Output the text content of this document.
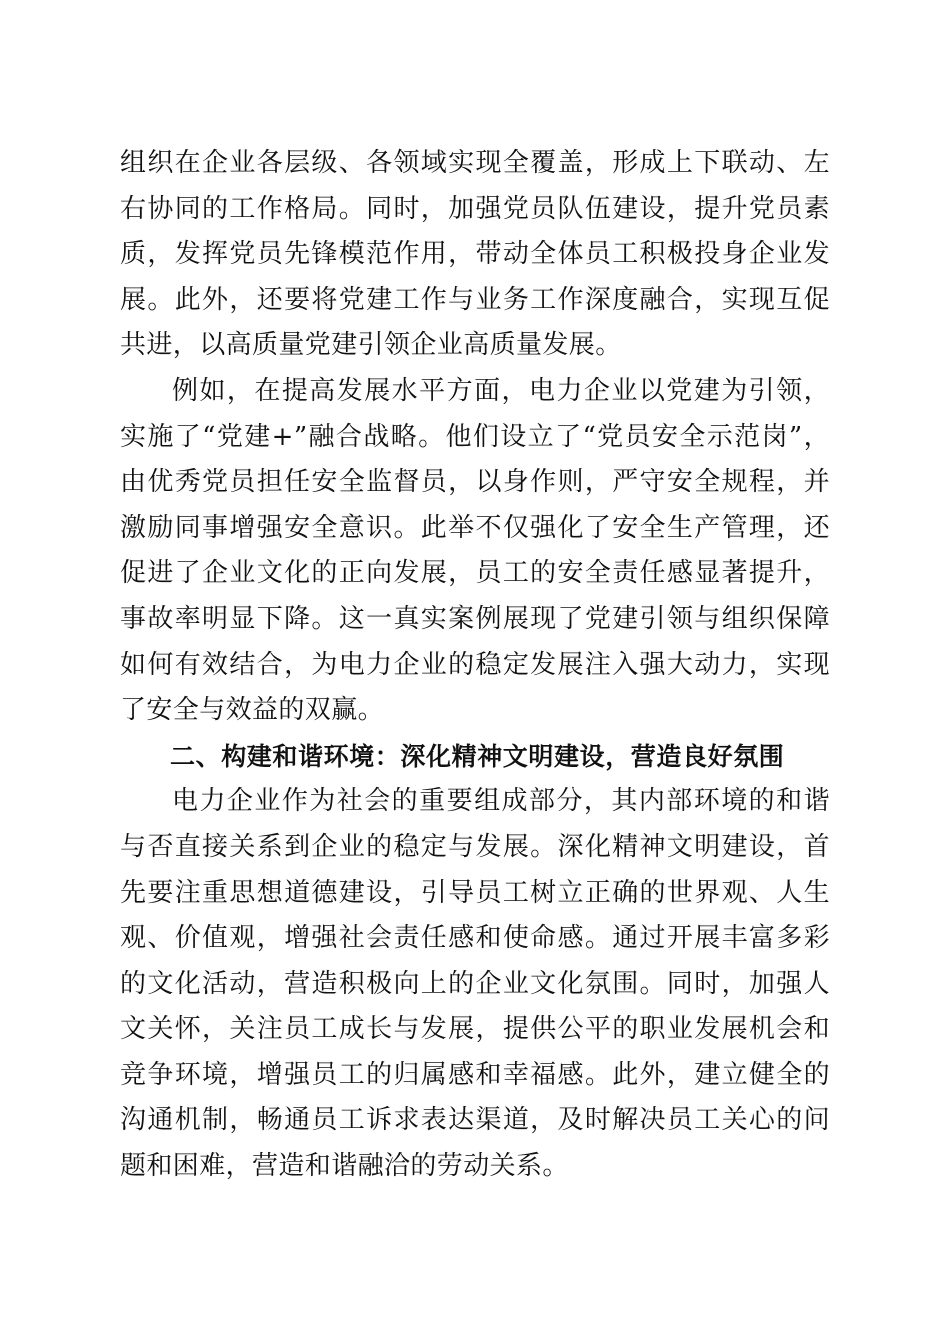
组织在企业各层级、各领域实现全覆盖，形成上下联动、左右协同的工作格局。同时，加强党员队伍建设，提升党员素质，发挥党员先锋模范作用，带动全体员工积极投身企业发展。此外，还要将党建工作与业务工作深度融合，实现互促共进，以高质量党建引领企业高质量发展。

例如，在提高发展水平方面，电力企业以党建为引领，实施了“党建+”融合战略。他们设立了“党员安全示范岗”，由优秀党员担任安全监督员，以身作则，严守安全规程，并激励同事增强安全意识。此举不仅强化了安全生产管理，还促进了企业文化的正向发展，员工的安全责任感显著提升，事故率明显下降。这一真实案例展现了党建引领与组织保障如何有效结合，为电力企业的稳定发展注入强大动力，实现了安全与效益的双赢。

二、构建和谐环境：深化精神文明建设，营造良好氛围

电力企业作为社会的重要组成部分，其内部环境的和谐与否直接关系到企业的稳定与发展。深化精神文明建设，首先要注重思想道德建设，引导员工树立正确的世界观、人生观、价值观，增强社会责任感和使命感。通过开展丰富多彩的文化活动，营造积极向上的企业文化氛围。同时，加强人文关怀，关注员工成长与发展，提供公平的职业发展机会和竞争环境，增强员工的归属感和幸福感。此外，建立健全的沟通机制，畅通员工诉求表达渠道，及时解决员工关心的问题和困难，营造和谐融洽的劳动关系。
